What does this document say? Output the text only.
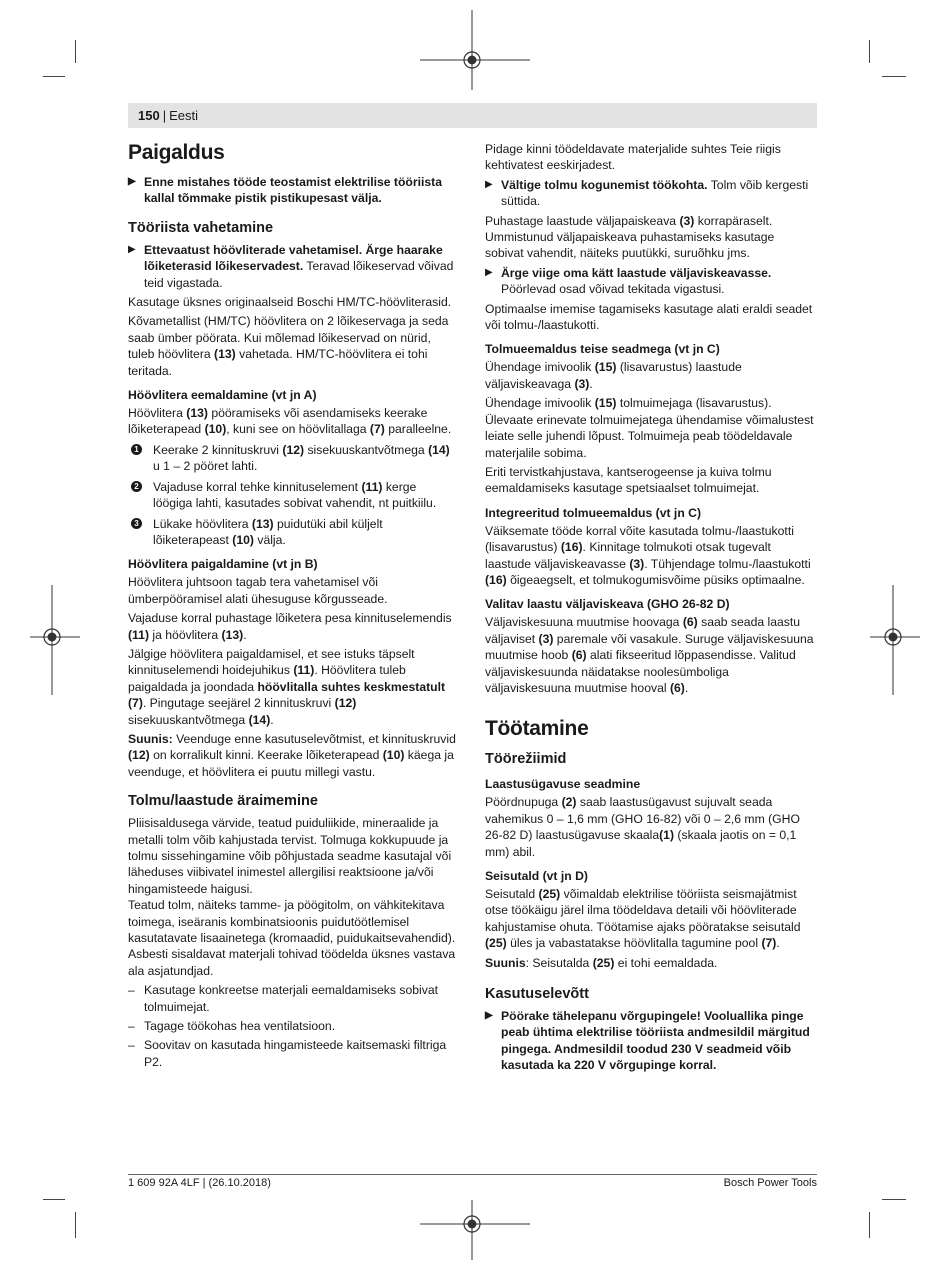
150 | Eesti
Paigaldus
▶ Enne mistahes tööde teostamist elektrilise tööriista kallal tõmmake pistik pistikupesast välja.
Tööriista vahetamine
▶ Ettevaatust höövliterade vahetamisel. Ärge haarake lõiketerasid lõikeservadest. Teravad lõikeservad võivad teid vigastada.

Kasutage üksnes originaalseid Boschi HM/TC-höövliterasid.

Kõvametallist (HM/TC) höövlitera on 2 lõikeservaga ja seda saab ümber pöörata. Kui mõlemad lõikeservad on nürid, tuleb höövlitera (13) vahetada. HM/TC-höövlitera ei tohi teritada.

Höövlitera eemaldamine (vt jn A)

Höövlitera (13) pööramiseks või asendamiseks keerake lõiketerapead (10), kuni see on höövlitallaga (7) paralleelne.

1 Keerake 2 kinnituskruvi (12) sisekuuskantvõtmega (14) u 1 – 2 pööret lahti.
2 Vajaduse korral tehke kinnituselement (11) kerge löögiga lahti, kasutades sobivat vahendit, nt puitkiilu.
3 Lükake höövlitera (13) puidutüki abil küljelt lõiketerapeast (10) välja.
Höövlitera paigaldamine (vt jn B)

Höövlitera juhtsoon tagab tera vahetamisel või ümberpööramisel alati ühesuguse kõrgusseade.

Vajaduse korral puhastage lõiketera pesa kinnituselemendis (11) ja höövlitera (13).

Jälgige höövlitera paigaldamisel, et see istuks täpselt kinnituselemendi hoidejuhikus (11). Höövlitera tuleb paigaldada ja joondada höövlitalla suhtes keskmestatult (7). Pingutage seejärel 2 kinnituskruvi (12) sisekuuskantvõtmega (14).

Suunis: Veenduge enne kasutuselevõtmist, et kinnituskruvid (12) on korralikult kinni. Keerake lõiketerapead (10) käega ja veenduge, et höövlitera ei puutu millegi vastu.

Tolmu/laastude äraimemine

Pliisisaldusega värvide, teatud puiduliikide, mineraalide ja metalli tolm võib kahjustada tervist. Tolmuga kokkupuude ja tolmu sissehingamine võib põhjustada seadme kasutajal või läheduses viibivatel inimestel allergilisi reaktsioone ja/või hingamisteede haigusi.

Teatud tolm, näiteks tamme- ja pöögitolm, on vähkitekitava toimega, iseäranis kombinatsioonis puidutöötlemisel kasutatavate lisaainetega (kromaadid, puidukaitsevahendid). Asbesti sisaldavat materjali tohivad töödelda üksnes vastava ala asjatundjad.

– Kasutage konkreetse materjali eemaldamiseks sobivat tolmuimejat.
– Tagage töökohas hea ventilatsioon.
– Soovitav on kasutada hingamisteede kaitsemaski filtriga P2.

Pidage kinni töödeldavate materjalide suhtes Teie riigis kehtivatest eeskirjadest.

▶ Vältige tolmu kogunemist töökohta. Tolm võib kergesti süttida.

Puhastage laastude väljapaiskeava (3) korrapäraselt. Ummistunud väljapaiskeava puhastamiseks kasutage sobivat vahendit, näiteks puutükki, suruõhku jms.

▶ Ärge viige oma kätt laastude väljaviskeavasse. Pöörlevad osad võivad tekitada vigastusi.

Optimaalse imemise tagamiseks kasutage alati eraldi seadet või tolmu-/laastukotti.

Tolmueemaldus teise seadmega (vt jn C)

Ühendage imivoolik (15) (lisavarustus) laastude väljaviskeavaga (3).

Ühendage imivoolik (15) tolmuimejaga (lisavarustus). Ülevaate erinevate tolmuimejatega ühendamise võimalustest leiate selle juhendi lõpust. Tolmuimeja peab töödeldavale materjalile sobima.

Eriti tervistkahjustava, kantserogeense ja kuiva tolmu eemaldamiseks kasutage spetsiaalset tolmuimejat.

Integreeritud tolmueemaldus (vt jn C)

Väiksemate tööde korral võite kasutada tolmu-/laastukotti (lisavarustus) (16). Kinnitage tolmukoti otsak tugevalt laastude väljaviskeavasse (3). Tühjendage tolmu-/laastukotti (16) õigeaegselt, et tolmukogumisvõime püsiks optimaalne.

Valitav laastu väljaviskeava (GHO 26-82 D)

Väljaviskesuuna muutmise hoovaga (6) saab seada laastu väljaviset (3) paremale või vasakule. Suruge väljaviskesuuna muutmise hoob (6) alati fikseeritud lõppasendisse. Valitud väljaviskesuunda näidatakse noolesümboliga väljaviskesuuna muutmise hooval (6).

Töötamine
Töörežiimid
Laastusügavuse seadmine

Pöördnupuga (2) saab laastusügavust sujuvalt seada vahemikus 0 – 1,6 mm (GHO 16-82) või 0 – 2,6 mm (GHO 26-82 D) laastusügavuse skaala(1) (skaala jaotis on = 0,1 mm) abil.

Seisutald (vt jn D)

Seisutald (25) võimaldab elektrilise tööriista seismajätmist otse töökäigu järel ilma töödeldava detaili või höövliterade kahjustamise ohuta. Töötamise ajaks pööratakse seisutald (25) üles ja vabastatakse höövlitalla tagumine pool (7).

Suunis: Seisutalda (25) ei tohi eemaldada.

Kasutuselevõtt
▶ Pöörake tähelepanu võrgupingele! Vooluallika pinge peab ühtima elektrilise tööriista andmesildil märgitud pingega. Andmesildil toodud 230 V seadmeid võib kasutada ka 220 V võrgupinge korral.
1 609 92A 4LF | (26.10.2018)	Bosch Power Tools
